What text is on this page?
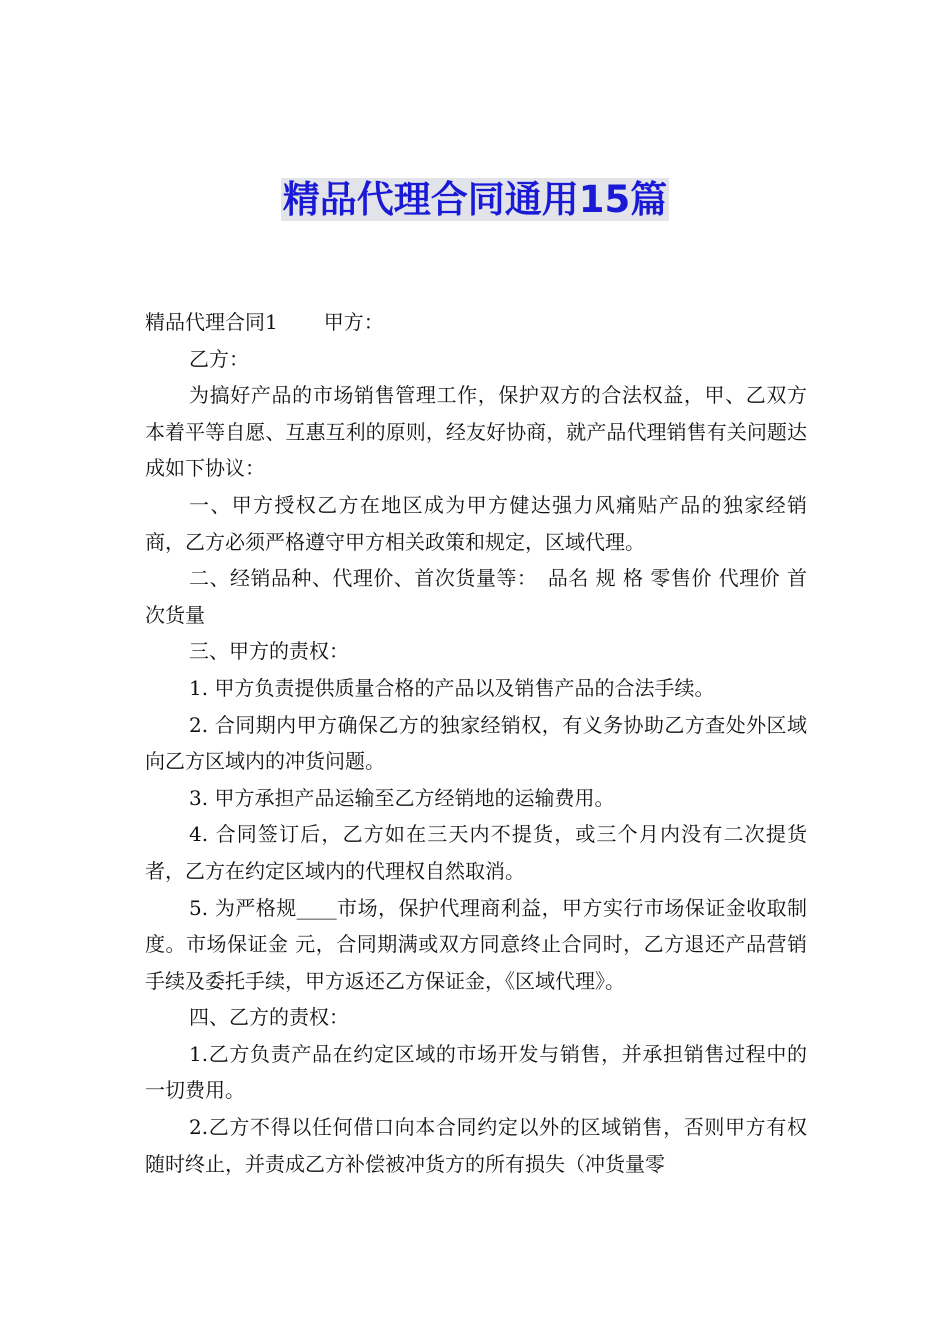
精品代理合同通用15篇

精品代理合同1 甲方：

乙方：

为搞好产品的市场销售管理工作，保护双方的合法权益，甲、乙双方本着平等自愿、互惠互利的原则，经友好协商，就产品代理销售有关问题达成如下协议：

一、甲方授权乙方在地区成为甲方健达强力风痛贴产品的独家经销商，乙方必须严格遵守甲方相关政策和规定，区域代理。

二、经销品种、代理价、首次货量等：　品名 规 格 零售价 代理价 首次货量

三、甲方的责权：

1. 甲方负责提供质量合格的产品以及销售产品的合法手续。

2. 合同期内甲方确保乙方的独家经销权，有义务协助乙方查处外区域向乙方区域内的冲货问题。

3. 甲方承担产品运输至乙方经销地的运输费用。

4. 合同签订后，乙方如在三天内不提货，或三个月内没有二次提货者，乙方在约定区域内的代理权自然取消。

5. 为严格规____市场，保护代理商利益，甲方实行市场保证金收取制度。市场保证金 元，合同期满或双方同意终止合同时，乙方退还产品营销手续及委托手续，甲方返还乙方保证金，《区域代理》。

四、乙方的责权：

1.乙方负责产品在约定区域的市场开发与销售，并承担销售过程中的一切费用。

2.乙方不得以任何借口向本合同约定以外的区域销售，否则甲方有权随时终止，并责成乙方补偿被冲货方的所有损失（冲货量零
